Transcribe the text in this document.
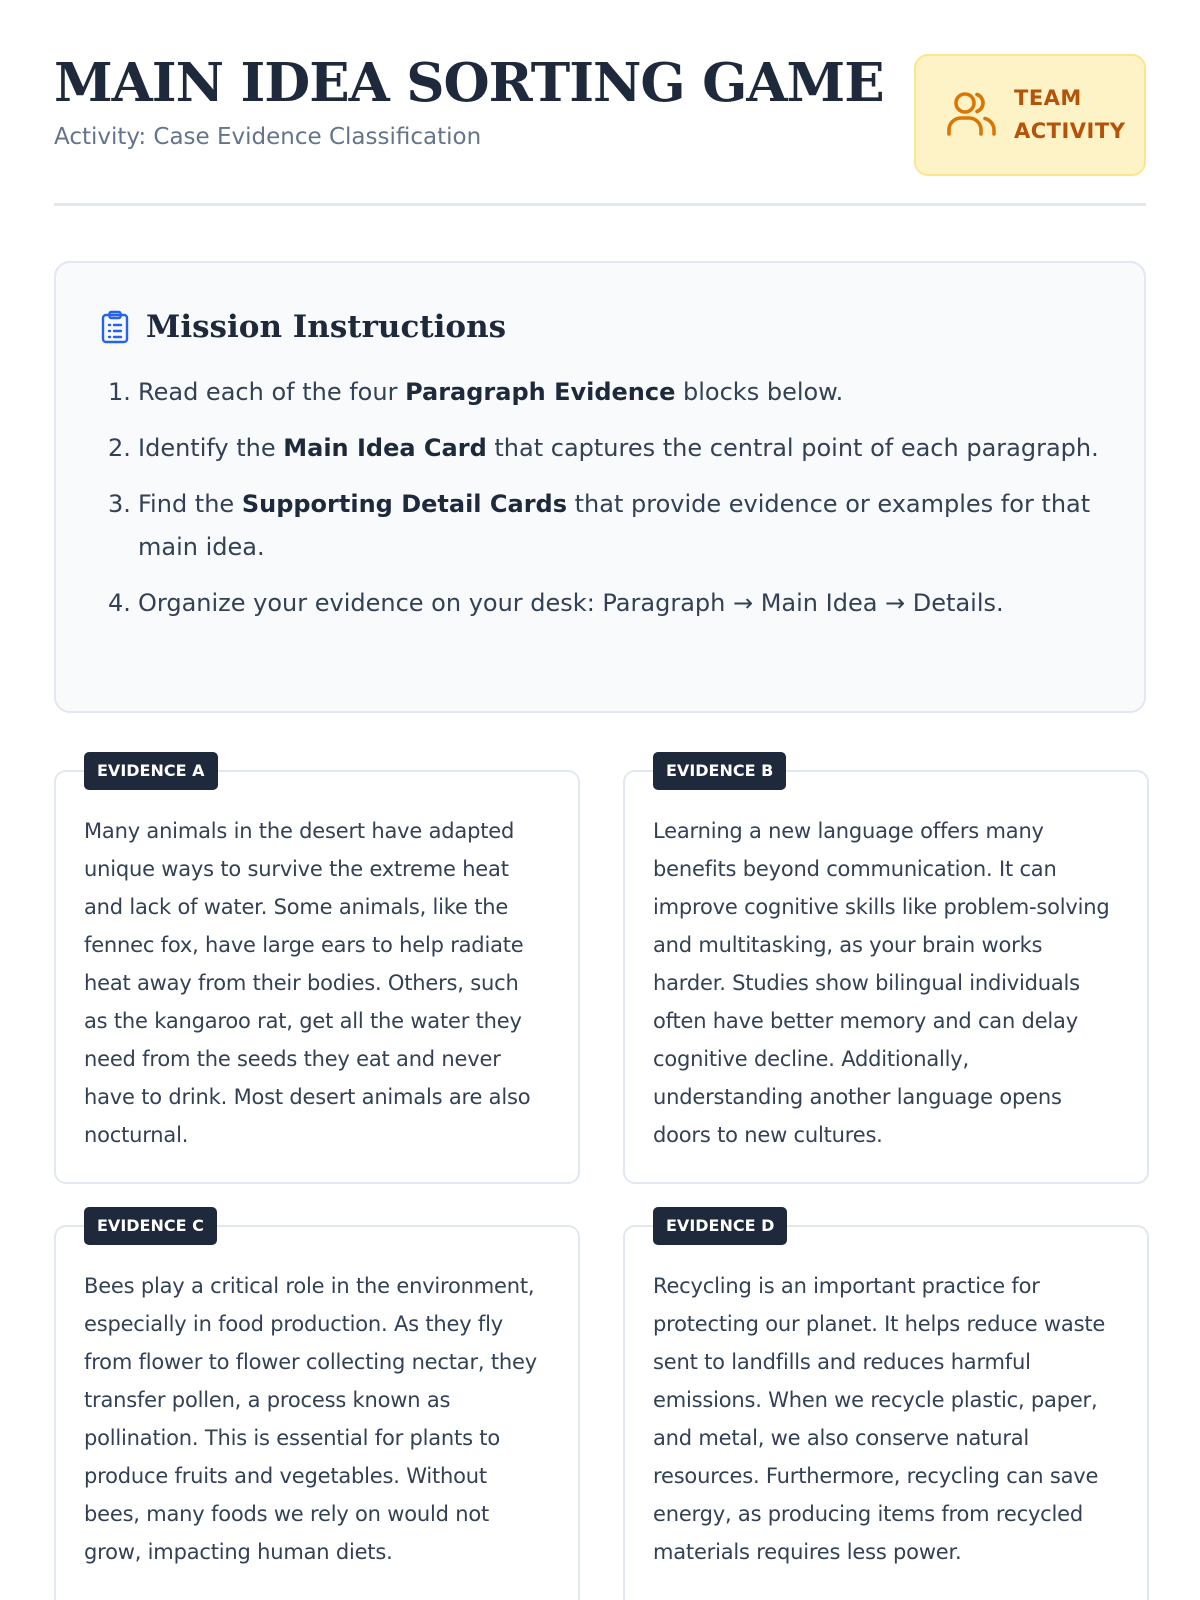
MAIN IDEA SORTING GAME
Activity: Case Evidence Classification
TEAM
ACTIVITY
Mission Instructions
1. Read each of the four Paragraph Evidence blocks below.
2. Identify the Main Idea Card that captures the central point of each paragraph.
3. Find the Supporting Detail Cards that provide evidence or examples for that main idea.
4. Organize your evidence on your desk: Paragraph → Main Idea → Details.
EVIDENCE A

Many animals in the desert have adapted unique ways to survive the extreme heat and lack of water. Some animals, like the fennec fox, have large ears to help radiate heat away from their bodies. Others, such as the kangaroo rat, get all the water they need from the seeds they eat and never have to drink. Most desert animals are also nocturnal.

EVIDENCE B

Learning a new language offers many benefits beyond communication. It can improve cognitive skills like problem-solving and multitasking, as your brain works harder. Studies show bilingual individuals often have better memory and can delay cognitive decline. Additionally, understanding another language opens doors to new cultures.

EVIDENCE C

Bees play a critical role in the environment, especially in food production. As they fly from flower to flower collecting nectar, they transfer pollen, a process known as pollination. This is essential for plants to produce fruits and vegetables. Without bees, many foods we rely on would not grow, impacting human diets.

EVIDENCE D

Recycling is an important practice for protecting our planet. It helps reduce waste sent to landfills and reduces harmful emissions. When we recycle plastic, paper, and metal, we also conserve natural resources. Furthermore, recycling can save energy, as producing items from recycled materials requires less power.
